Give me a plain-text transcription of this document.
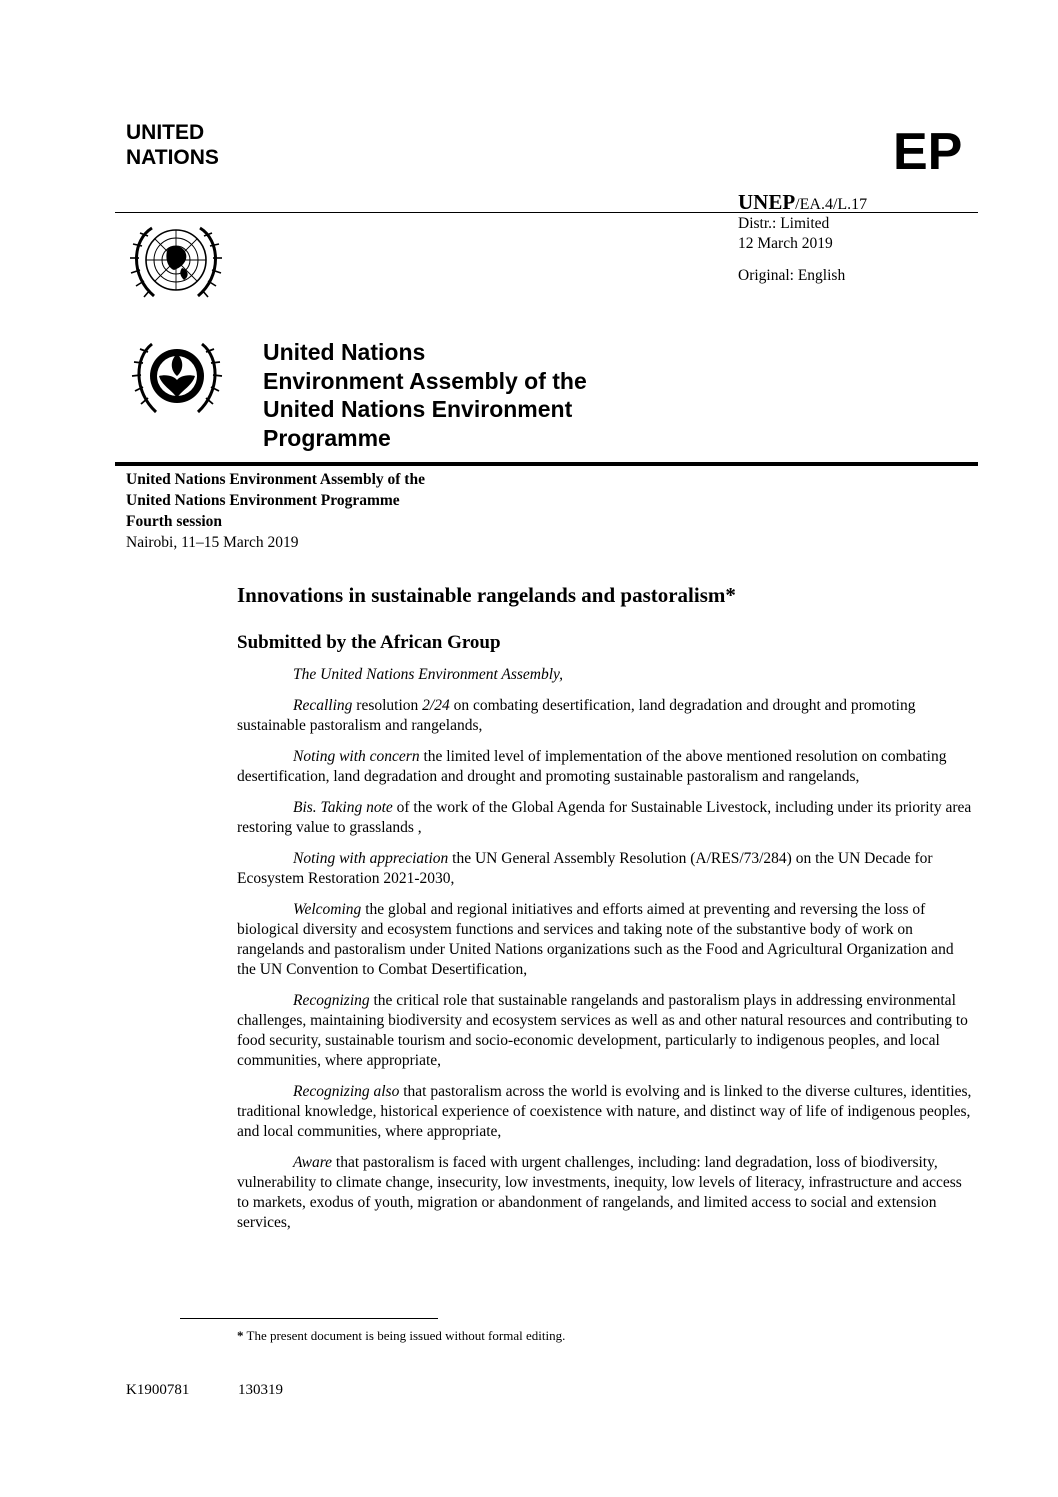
UNITED
NATIONS	EP
UNEP/EA.4/L.17
Distr.: Limited
12 March 2019
Original: English
United Nations
Environment Assembly of the
United Nations Environment
Programme
United Nations Environment Assembly of the
United Nations Environment Programme
Fourth session
Nairobi, 11–15 March 2019
Innovations in sustainable rangelands and pastoralism*
Submitted by the African Group

The United Nations Environment Assembly,

Recalling resolution 2/24 on combating desertification, land degradation and drought and promoting sustainable pastoralism and rangelands,

Noting with concern the limited level of implementation of the above mentioned resolution on combating desertification, land degradation and drought and promoting sustainable pastoralism and rangelands,

Bis. Taking note of the work of the Global Agenda for Sustainable Livestock, including under its priority area restoring value to grasslands ,

Noting with appreciation the UN General Assembly Resolution (A/RES/73/284) on the UN Decade for Ecosystem Restoration 2021-2030,

Welcoming the global and regional initiatives and efforts aimed at preventing and reversing the loss of biological diversity and ecosystem functions and services and taking note of the substantive body of work on rangelands and pastoralism under United Nations organizations such as the Food and Agricultural Organization and the UN Convention to Combat Desertification,

Recognizing the critical role that sustainable rangelands and pastoralism plays in addressing environmental challenges, maintaining biodiversity and ecosystem services as well as and other natural resources and contributing to food security, sustainable tourism and socio-economic development, particularly to indigenous peoples, and local communities, where appropriate,

Recognizing also that pastoralism across the world is evolving and is linked to the diverse cultures, identities, traditional knowledge, historical experience of coexistence with nature, and distinct way of life of indigenous peoples, and local communities, where appropriate,

Aware that pastoralism is faced with urgent challenges, including: land degradation, loss of biodiversity, vulnerability to climate change, insecurity, low investments, inequity, low levels of literacy, infrastructure and access to markets, exodus of youth, migration or abandonment of rangelands, and limited access to social and extension services,

* The present document is being issued without formal editing.
K1900781	130319
